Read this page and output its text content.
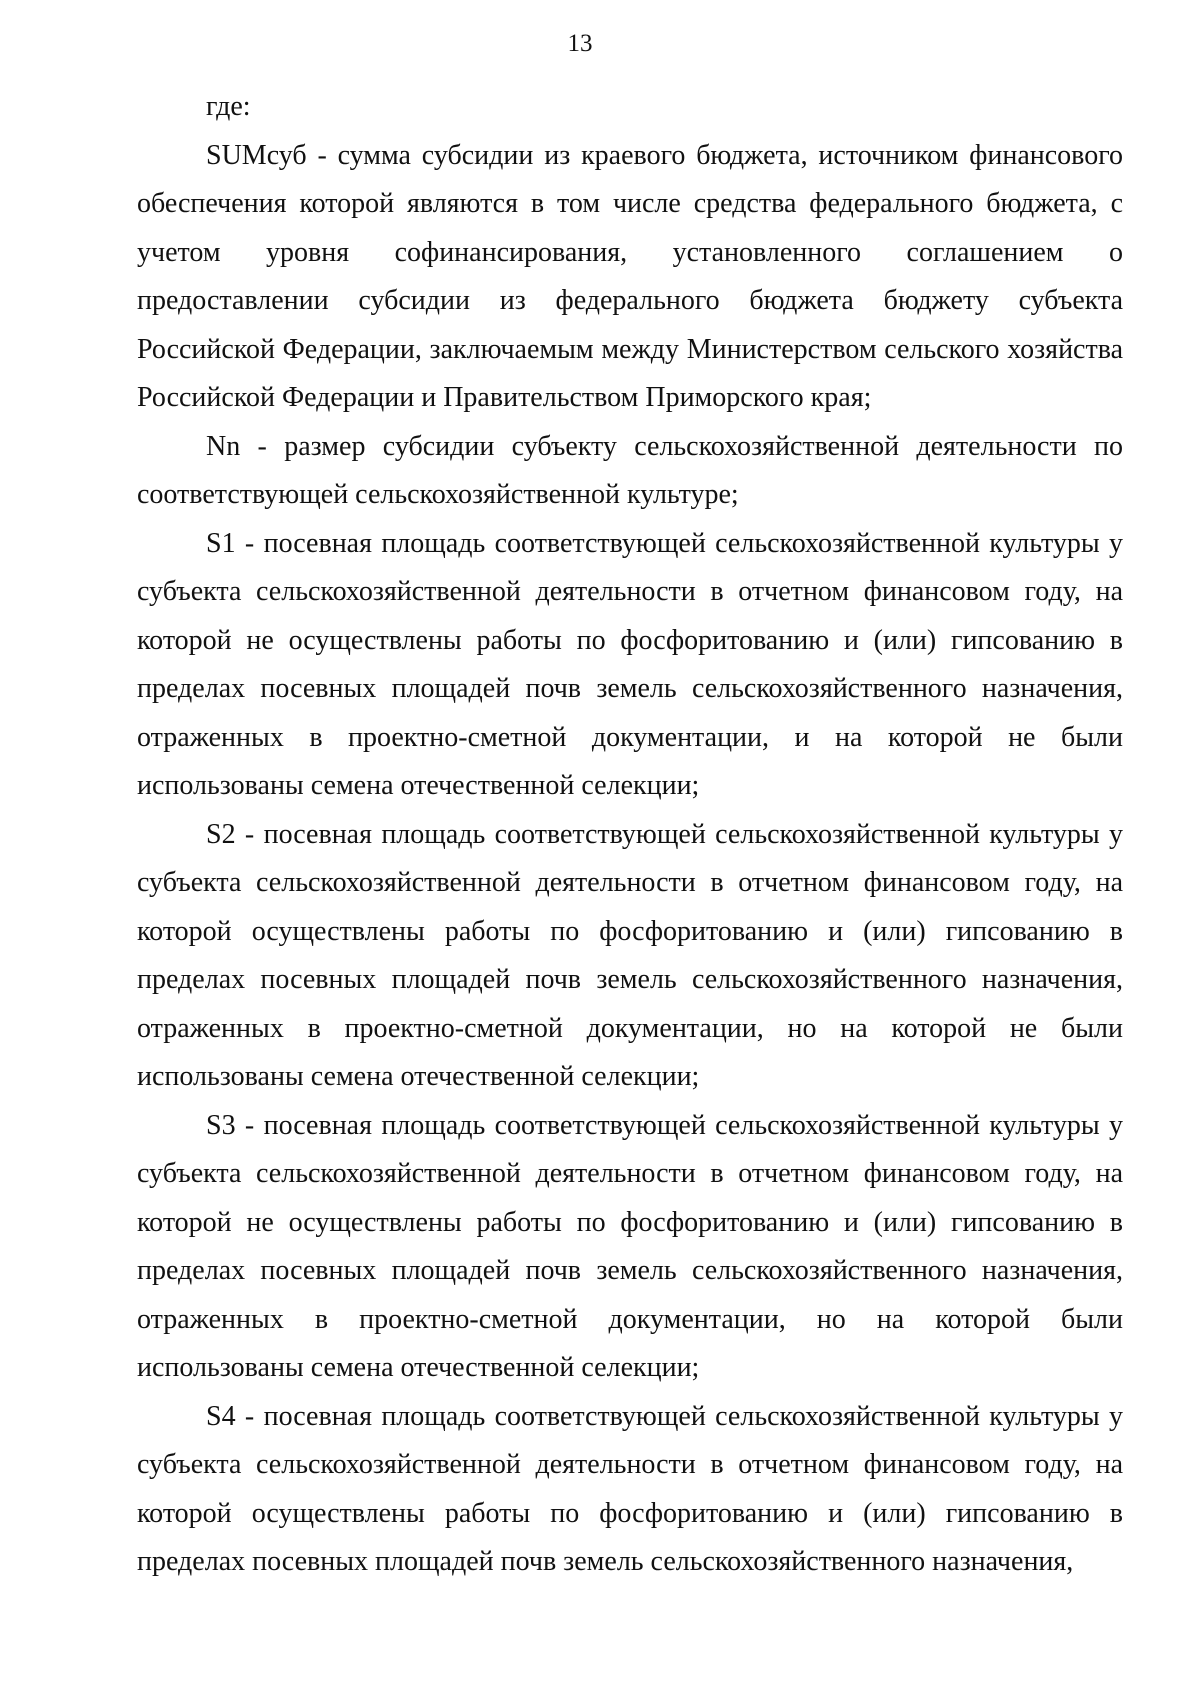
13

где:

SUMсуб - сумма субсидии из краевого бюджета, источником финансового обеспечения которой являются в том числе средства федерального бюджета, с учетом уровня софинансирования, установленного соглашением о предоставлении субсидии из федерального бюджета бюджету субъекта Российской Федерации, заключаемым между Министерством сельского хозяйства Российской Федерации и Правительством Приморского края;

Nn - размер субсидии субъекту сельскохозяйственной деятельности по соответствующей сельскохозяйственной культуре;

S1 - посевная площадь соответствующей сельскохозяйственной культуры у субъекта сельскохозяйственной деятельности в отчетном финансовом году, на которой не осуществлены работы по фосфоритованию и (или) гипсованию в пределах посевных площадей почв земель сельскохозяйственного назначения, отраженных в проектно-сметной документации, и на которой не были использованы семена отечественной селекции;

S2 - посевная площадь соответствующей сельскохозяйственной культуры у субъекта сельскохозяйственной деятельности в отчетном финансовом году, на которой осуществлены работы по фосфоритованию и (или) гипсованию в пределах посевных площадей почв земель сельскохозяйственного назначения, отраженных в проектно-сметной документации, но на которой не были использованы семена отечественной селекции;

S3 - посевная площадь соответствующей сельскохозяйственной культуры у субъекта сельскохозяйственной деятельности в отчетном финансовом году, на которой не осуществлены работы по фосфоритованию и (или) гипсованию в пределах посевных площадей почв земель сельскохозяйственного назначения, отраженных в проектно-сметной документации, но на которой были использованы семена отечественной селекции;

S4 - посевная площадь соответствующей сельскохозяйственной культуры у субъекта сельскохозяйственной деятельности в отчетном финансовом году, на которой осуществлены работы по фосфоритованию и (или) гипсованию в пределах посевных площадей почв земель сельскохозяйственного назначения,
